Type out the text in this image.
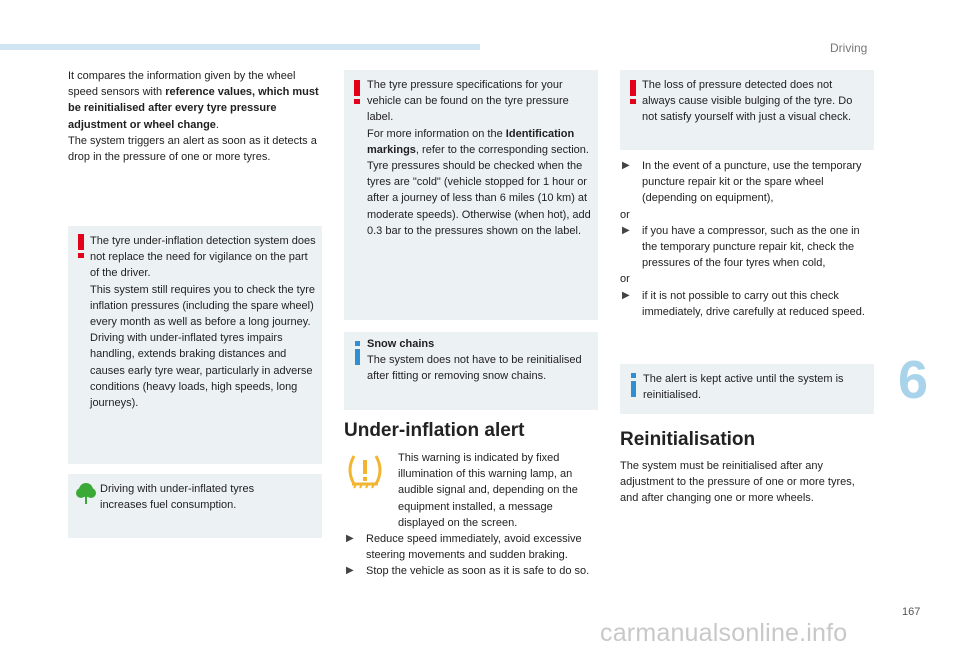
Driving
6
167
carmanualsonline.info

It compares the information given by the wheel speed sensors with reference values, which must be reinitialised after every tyre pressure adjustment or wheel change.

The system triggers an alert as soon as it detects a drop in the pressure of one or more tyres.

The tyre under-inflation detection system does not replace the need for vigilance on the part of the driver.

This system still requires you to check the tyre inflation pressures (including the spare wheel) every month as well as before a long journey.

Driving with under-inflated tyres impairs handling, extends braking distances and causes early tyre wear, particularly in adverse conditions (heavy loads, high speeds, long journeys).

Driving with under-inflated tyres increases fuel consumption.

The tyre pressure specifications for your vehicle can be found on the tyre pressure label.

For more information on the Identification markings, refer to the corresponding section.

Tyre pressures should be checked when the tyres are "cold" (vehicle stopped for 1 hour or after a journey of less than 6 miles (10 km) at moderate speeds). Otherwise (when hot), add 0.3 bar to the pressures shown on the label.

Snow chains

The system does not have to be reinitialised after fitting or removing snow chains.

Under-inflation alert

This warning is indicated by fixed illumination of this warning lamp, an audible signal and, depending on the equipment installed, a message displayed on the screen.

▶ Reduce speed immediately, avoid excessive steering movements and sudden braking.
▶ Stop the vehicle as soon as it is safe to do so.

The loss of pressure detected does not always cause visible bulging of the tyre. Do not satisfy yourself with just a visual check.

▶ In the event of a puncture, use the temporary puncture repair kit or the spare wheel (depending on equipment),

or

▶ if you have a compressor, such as the one in the temporary puncture repair kit, check the pressures of the four tyres when cold,

or

▶ if it is not possible to carry out this check immediately, drive carefully at reduced speed.

The alert is kept active until the system is reinitialised.

Reinitialisation

The system must be reinitialised after any adjustment to the pressure of one or more tyres, and after changing one or more wheels.
